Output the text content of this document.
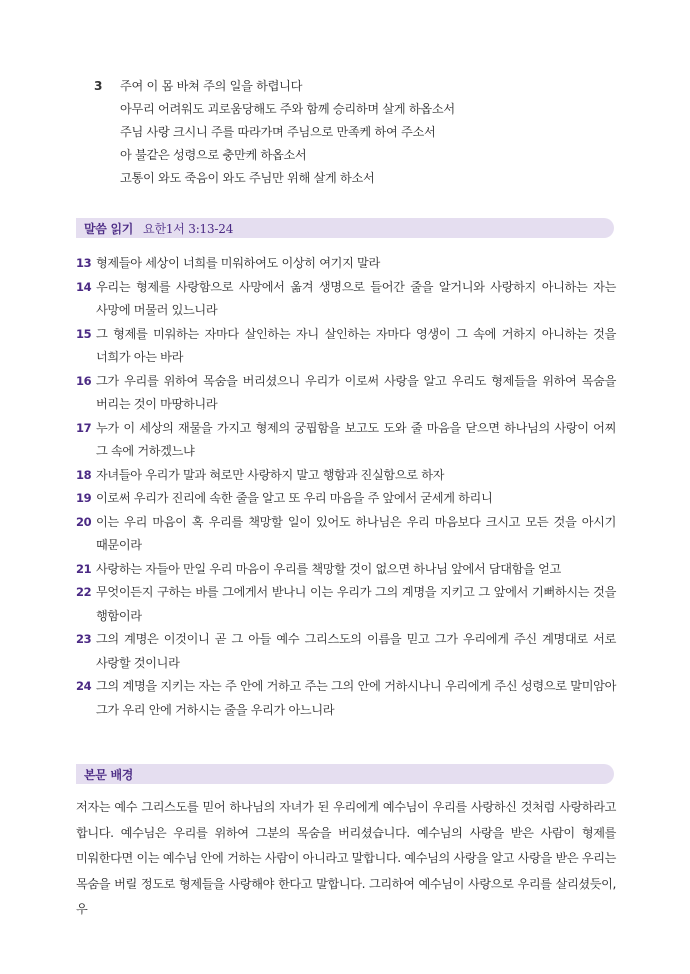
3	주여 이 몸 바쳐 주의 일을 하렵니다
아무리 어려워도 괴로움당해도 주와 함께 승리하며 살게 하옵소서
주님 사랑 크시니 주를 따라가며 주님으로 만족케 하여 주소서
아 불같은 성령으로 충만케 하옵소서
고통이 와도 죽음이 와도 주님만 위해 살게 하소서
말씀 읽기 요한1서 3:13-24
13 형제들아 세상이 너희를 미워하여도 이상히 여기지 말라
14 우리는 형제를 사랑함으로 사망에서 옮겨 생명으로 들어간 줄을 알거니와 사랑하지 아니하는 자는 사망에 머물러 있느니라
15 그 형제를 미워하는 자마다 살인하는 자니 살인하는 자마다 영생이 그 속에 거하지 아니하는 것을 너희가 아는 바라
16 그가 우리를 위하여 목숨을 버리셨으니 우리가 이로써 사랑을 알고 우리도 형제들을 위하여 목숨을 버리는 것이 마땅하니라
17 누가 이 세상의 재물을 가지고 형제의 궁핍함을 보고도 도와 줄 마음을 닫으면 하나님의 사랑이 어찌 그 속에 거하겠느냐
18 자녀들아 우리가 말과 혀로만 사랑하지 말고 행함과 진실함으로 하자
19 이로써 우리가 진리에 속한 줄을 알고 또 우리 마음을 주 앞에서 굳세게 하리니
20 이는 우리 마음이 혹 우리를 책망할 일이 있어도 하나님은 우리 마음보다 크시고 모든 것을 아시기 때문이라
21 사랑하는 자들아 만일 우리 마음이 우리를 책망할 것이 없으면 하나님 앞에서 담대함을 얻고
22 무엇이든지 구하는 바를 그에게서 받나니 이는 우리가 그의 계명을 지키고 그 앞에서 기뻐하시는 것을 행함이라
23 그의 계명은 이것이니 곧 그 아들 예수 그리스도의 이름을 믿고 그가 우리에게 주신 계명대로 서로 사랑할 것이니라
24 그의 계명을 지키는 자는 주 안에 거하고 주는 그의 안에 거하시나니 우리에게 주신 성령으로 말미암아 그가 우리 안에 거하시는 줄을 우리가 아느니라
본문 배경
저자는 예수 그리스도를 믿어 하나님의 자녀가 된 우리에게 예수님이 우리를 사랑하신 것처럼 사랑하라고 합니다. 예수님은 우리를 위하여 그분의 목숨을 버리셨습니다. 예수님의 사랑을 받은 사람이 형제를 미워한다면 이는 예수님 안에 거하는 사람이 아니라고 말합니다. 예수님의 사랑을 알고 사랑을 받은 우리는 목숨을 버릴 정도로 형제들을 사랑해야 한다고 말합니다. 그리하여 예수님이 사랑으로 우리를 살리셨듯이, 우
